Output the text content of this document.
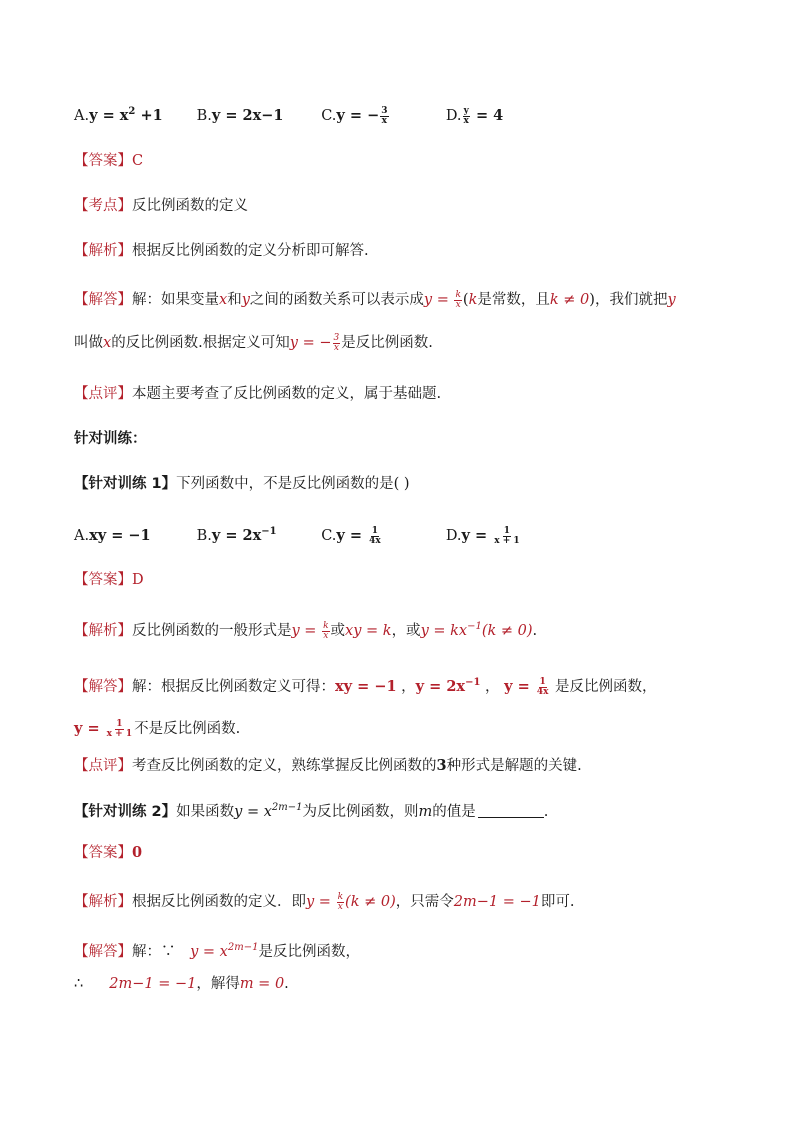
$A.y = x^2 +1$ B.y = 2x−1	C.y = − $\frac{3}{x}$	D. $\frac{y}{x} = 4$
【答案】C
【考点】反比例函数的定义
【解析】根据反比例函数的定义分析即可解答.
【解答】解：如果变量x和y之间的函数关系可以表示成$y = \frac{k}{x} (k$是常数，且k ≠ 0)，我们就把y
叫做x的反比例函数.根据定义可知y = − $\frac{3}{x}$ 是反比例函数.
【点评】本题主要考查了反比例函数的定义，属于基础题.
针对训练：
【针对训练 1】下列函数中，不是反比例函数的是( )
A.xy = −1	$B.y = 2x^{-1}$	$C.y = \frac{1}{4x}$	$D.y = \frac{1}{x + 1}$
【答案】D
【解析】反比例函数的一般形式是$y = \frac{k}{x}$ 或xy = k，或$y = kx^{-1}(k \ne 0)$.
【解答】解：根据反比例函数定义可得：xy = −1 ，$y = 2x^{-1}$ ， $y = \frac{1}{4x}$ 是反比例函数，
$y = \frac{1}{x + 1}$ 不是反比例函数.
【点评】考查反比例函数的定义，熟练掌握反比例函数的3种形式是解题的关键.
【针对训练 2】如果函数$y = x^{2m-1}$为反比例函数，则m的值是	.
【答案】0
【解析】根据反比例函数的定义．即$y = \frac{k}{x} (k \ne 0)$，只需令2m−1 = −1即可.
【解答】解：∵ $y = x^{2m-1}$是反比例函数，
∴ 2m−1 = −1，解得m = 0.
